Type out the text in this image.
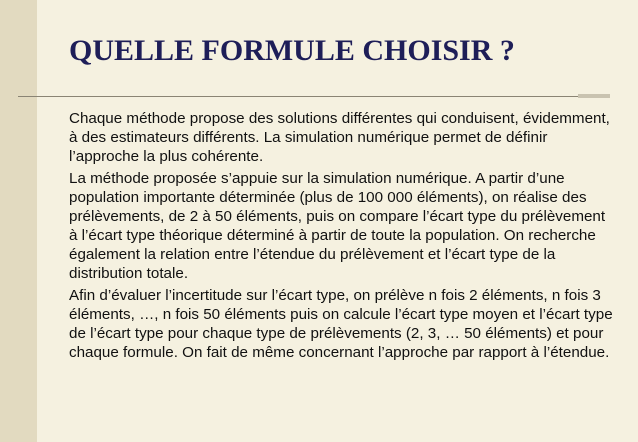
QUELLE FORMULE CHOISIR ?

Chaque méthode propose des solutions différentes qui conduisent, évidemment, à des estimateurs différents. La simulation numérique permet de définir l’approche la plus cohérente.

La méthode proposée s’appuie sur la simulation numérique. A partir d’une population importante déterminée (plus de 100 000 éléments), on réalise des prélèvements, de 2 à 50 éléments, puis on compare l’écart type du prélèvement à l’écart type théorique déterminé à partir de toute la population. On recherche également la relation entre l’étendue du prélèvement et l’écart type de la distribution totale.

Afin d’évaluer l’incertitude sur l’écart type, on prélève n fois 2 éléments, n fois 3 éléments, …, n fois 50 éléments puis on calcule l’écart type moyen et l’écart type de l’écart type pour chaque type de prélèvements (2, 3, … 50 éléments) et pour chaque formule. On fait de même concernant l’approche par rapport à l’étendue.
